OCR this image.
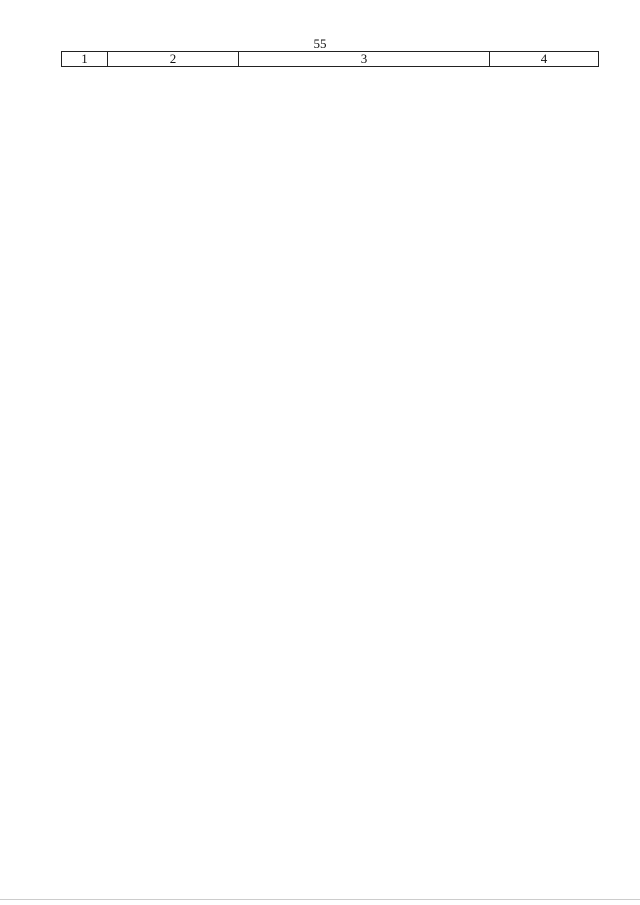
55
1	2	3	4
